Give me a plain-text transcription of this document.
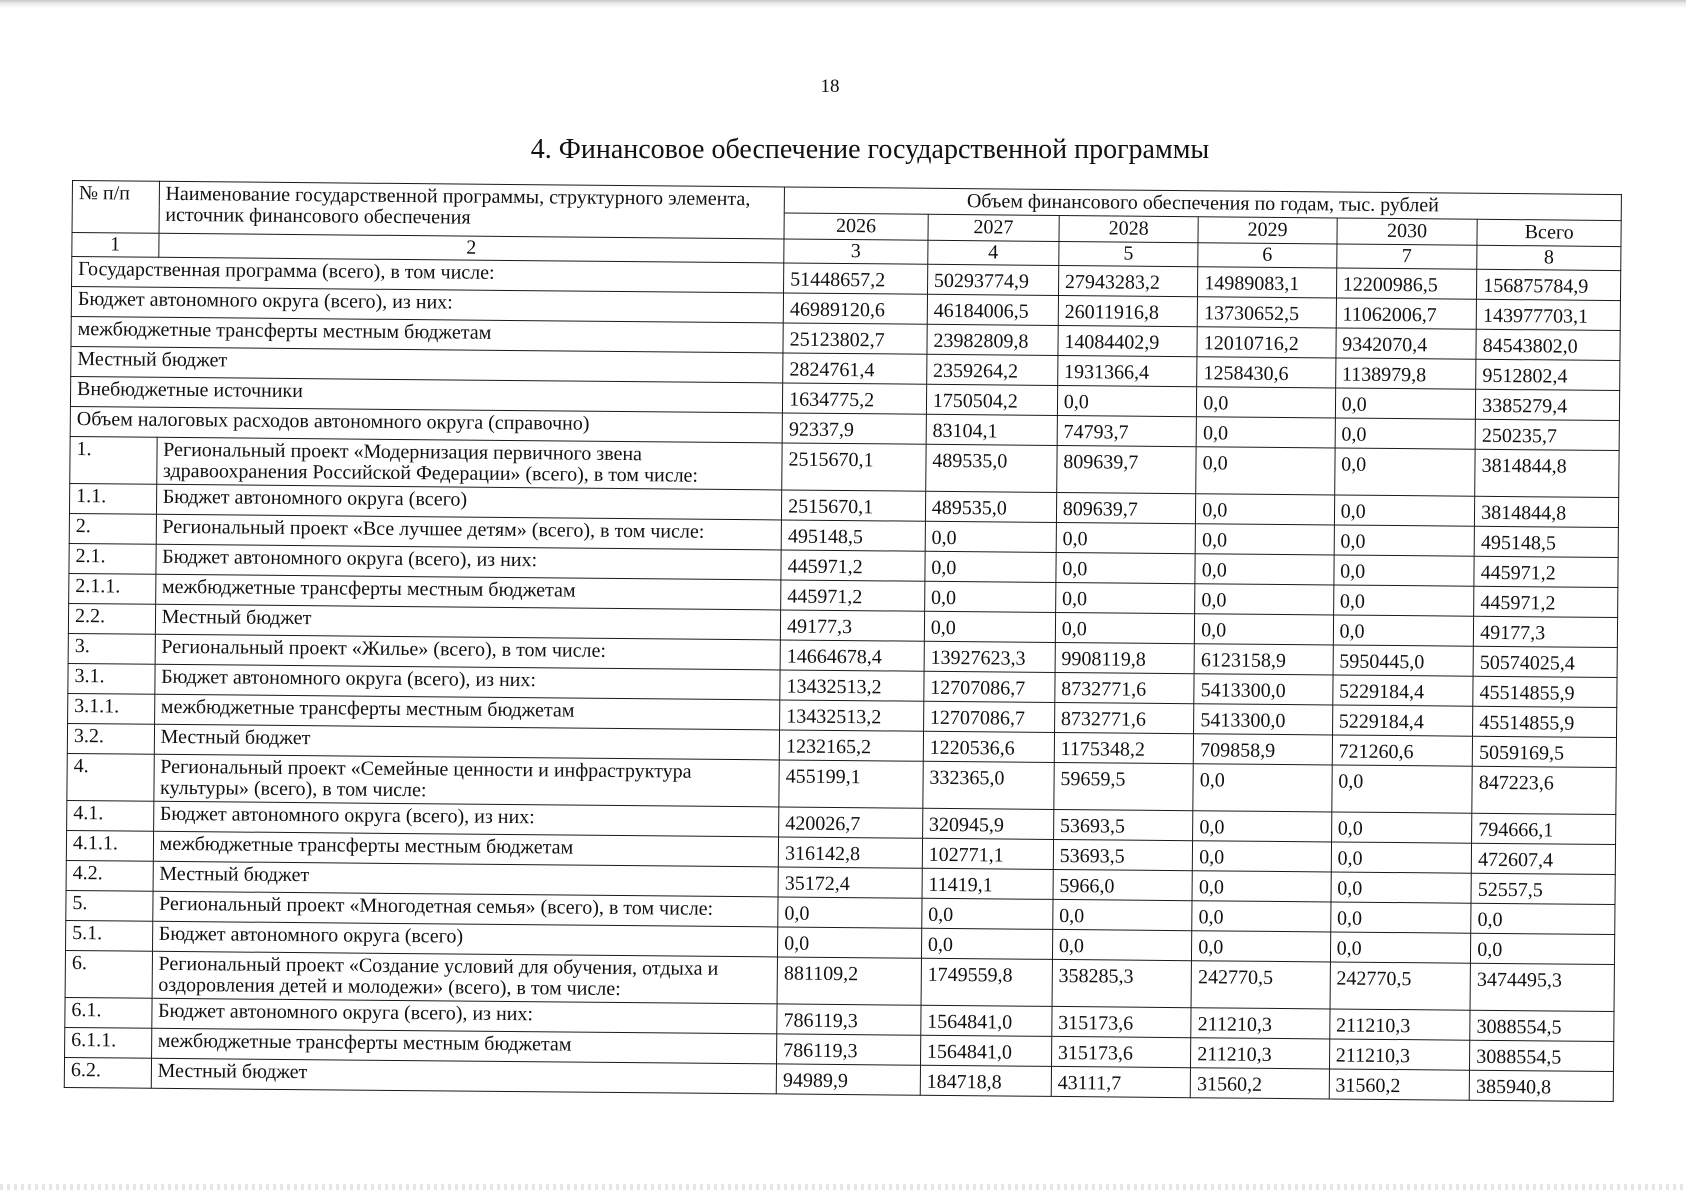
18
4. Финансовое обеспечение государственной программы
№ п/п	Наименование государственной программы, структурного элемента, источник финансового обеспечения	Объем финансового обеспечения по годам, тыс. рублей					
		2026	2027	2028	2029	2030	Всего
1	2	3	4	5	6	7	8
Государственная программа (всего), в том числе:		51448657,2	50293774,9	27943283,2	14989083,1	12200986,5	156875784,9
Бюджет автономного округа (всего), из них:		46989120,6	46184006,5	26011916,8	13730652,5	11062006,7	143977703,1
межбюджетные трансферты местным бюджетам		25123802,7	23982809,8	14084402,9	12010716,2	9342070,4	84543802,0
Местный бюджет		2824761,4	2359264,2	1931366,4	1258430,6	1138979,8	9512802,4
Внебюджетные источники		1634775,2	1750504,2	0,0	0,0	0,0	3385279,4
Объем налоговых расходов автономного округа (справочно)		92337,9	83104,1	74793,7	0,0	0,0	250235,7
1.	Региональный проект «Модернизация первичного звена здравоохранения Российской Федерации» (всего), в том числе:	2515670,1	489535,0	809639,7	0,0	0,0	3814844,8
1.1.	Бюджет автономного округа (всего)	2515670,1	489535,0	809639,7	0,0	0,0	3814844,8
2.	Региональный проект «Все лучшее детям» (всего), в том числе:	495148,5	0,0	0,0	0,0	0,0	495148,5
2.1.	Бюджет автономного округа (всего), из них:	445971,2	0,0	0,0	0,0	0,0	445971,2
2.1.1.	межбюджетные трансферты местным бюджетам	445971,2	0,0	0,0	0,0	0,0	445971,2
2.2.	Местный бюджет	49177,3	0,0	0,0	0,0	0,0	49177,3
3.	Региональный проект «Жилье» (всего), в том числе:	14664678,4	13927623,3	9908119,8	6123158,9	5950445,0	50574025,4
3.1.	Бюджет автономного округа (всего), из них:	13432513,2	12707086,7	8732771,6	5413300,0	5229184,4	45514855,9
3.1.1.	межбюджетные трансферты местным бюджетам	13432513,2	12707086,7	8732771,6	5413300,0	5229184,4	45514855,9
3.2.	Местный бюджет	1232165,2	1220536,6	1175348,2	709858,9	721260,6	5059169,5
4.	Региональный проект «Семейные ценности и инфраструктура культуры» (всего), в том числе:	455199,1	332365,0	59659,5	0,0	0,0	847223,6
4.1.	Бюджет автономного округа (всего), из них:	420026,7	320945,9	53693,5	0,0	0,0	794666,1
4.1.1.	межбюджетные трансферты местным бюджетам	316142,8	102771,1	53693,5	0,0	0,0	472607,4
4.2.	Местный бюджет	35172,4	11419,1	5966,0	0,0	0,0	52557,5
5.	Региональный проект «Многодетная семья» (всего), в том числе:	0,0	0,0	0,0	0,0	0,0	0,0
5.1.	Бюджет автономного округа (всего)	0,0	0,0	0,0	0,0	0,0	0,0
6.	Региональный проект «Создание условий для обучения, отдыха и оздоровления детей и молодежи» (всего), в том числе:	881109,2	1749559,8	358285,3	242770,5	242770,5	3474495,3
6.1.	Бюджет автономного округа (всего), из них:	786119,3	1564841,0	315173,6	211210,3	211210,3	3088554,5
6.1.1.	межбюджетные трансферты местным бюджетам	786119,3	1564841,0	315173,6	211210,3	211210,3	3088554,5
6.2.	Местный бюджет	94989,9	184718,8	43111,7	31560,2	31560,2	385940,8
